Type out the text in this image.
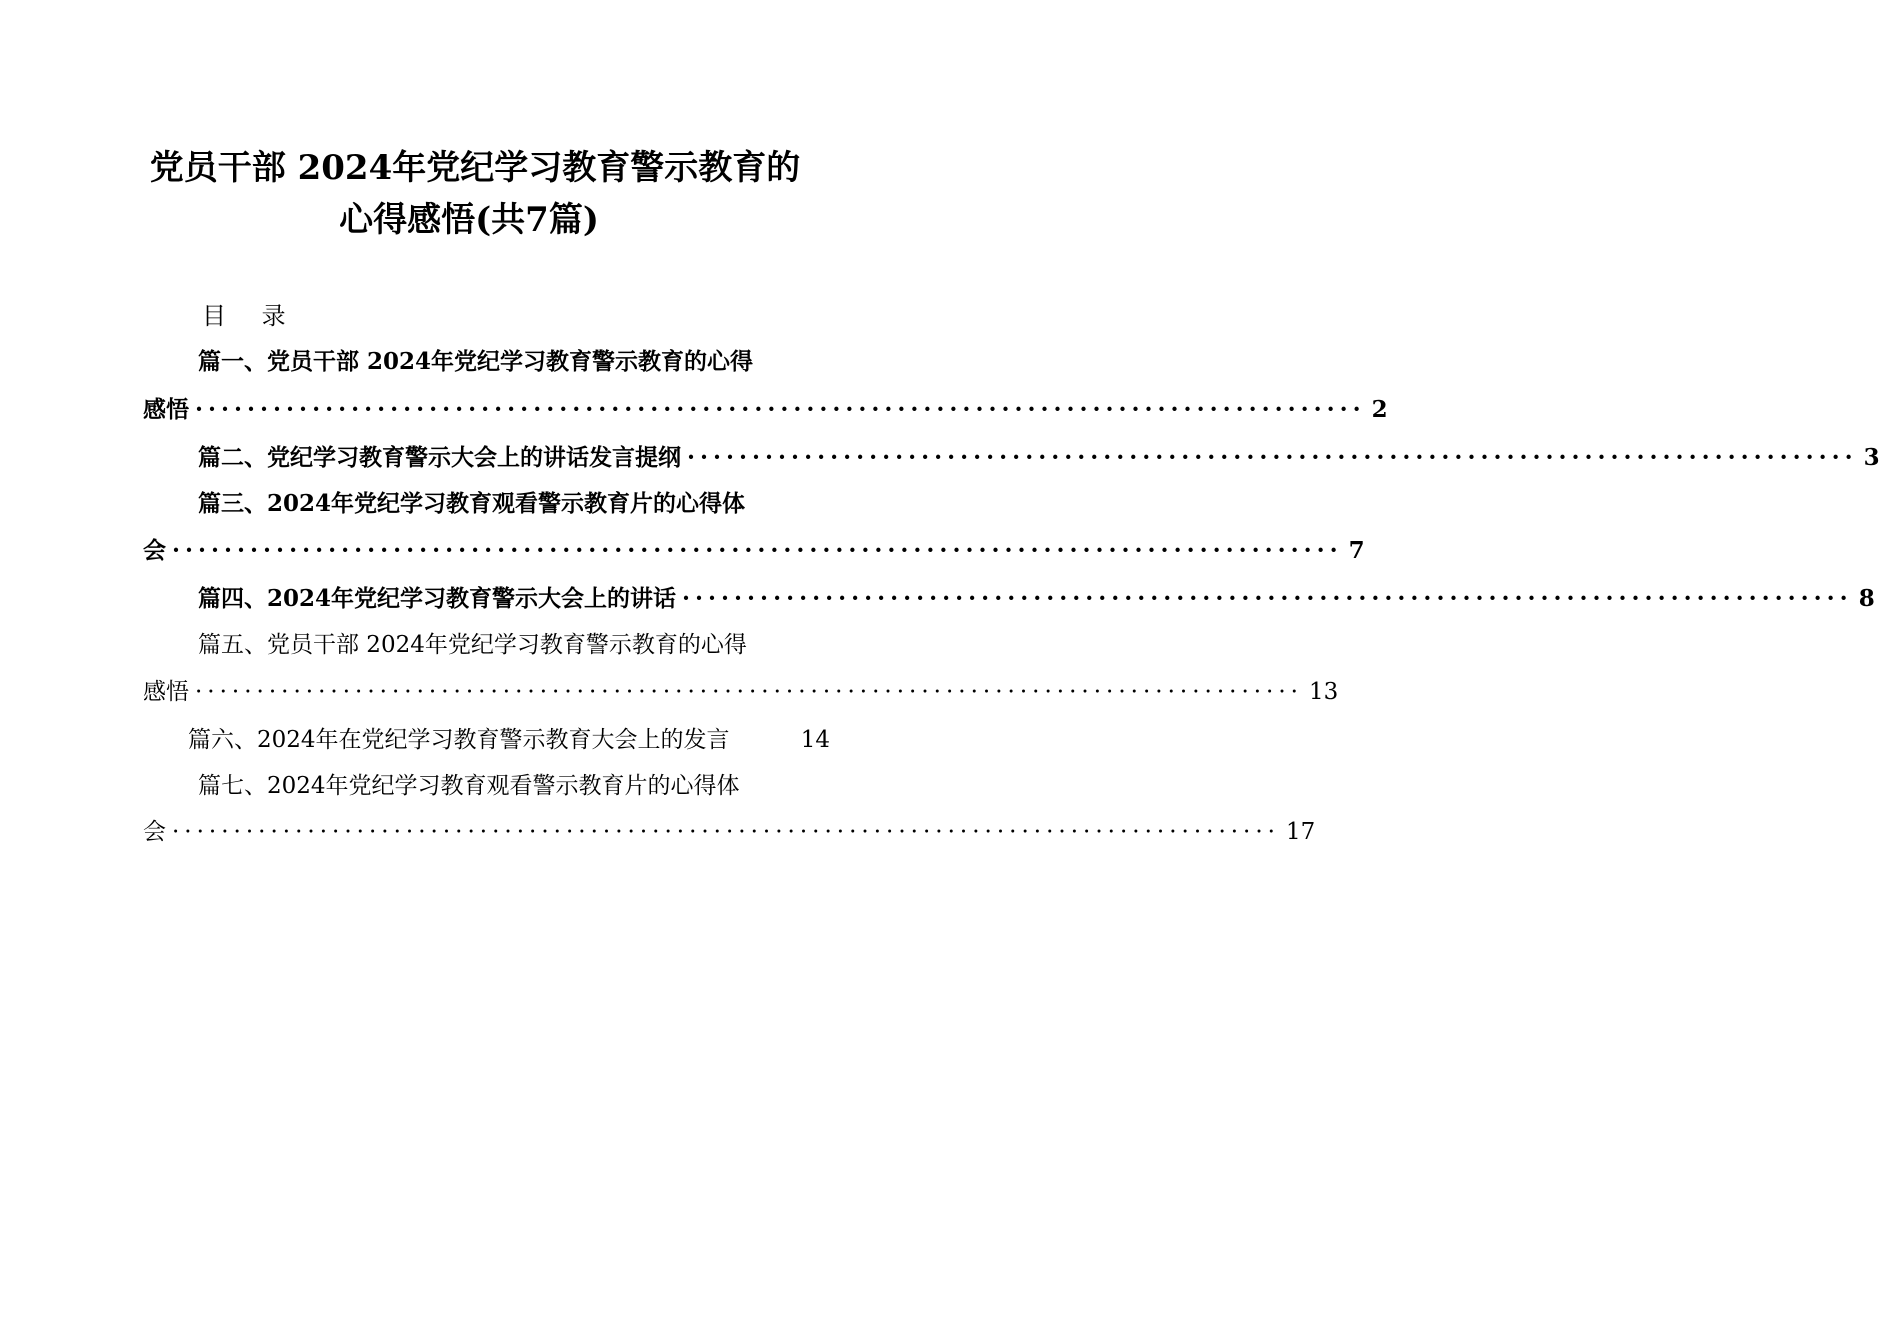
党员干部 2024年党纪学习教育警示教育的
心得感悟(共7篇)
目 录
篇一、党员干部 2024年党纪学习教育警示教育的心得
感悟 ·························································································· 2
篇二、党纪学习教育警示大会上的讲话发言提纲 ·························································································· 3
篇三、2024年党纪学习教育观看警示教育片的心得体
会 ·························································································· 7
篇四、2024年党纪学习教育警示大会上的讲话 ·························································································· 8
篇五、党员干部 2024年党纪学习教育警示教育的心得
感悟 ·························································································· 13
篇六、2024年在党纪学习教育警示教育大会上的发言	14
篇七、2024年党纪学习教育观看警示教育片的心得体
会 ·························································································· 17
